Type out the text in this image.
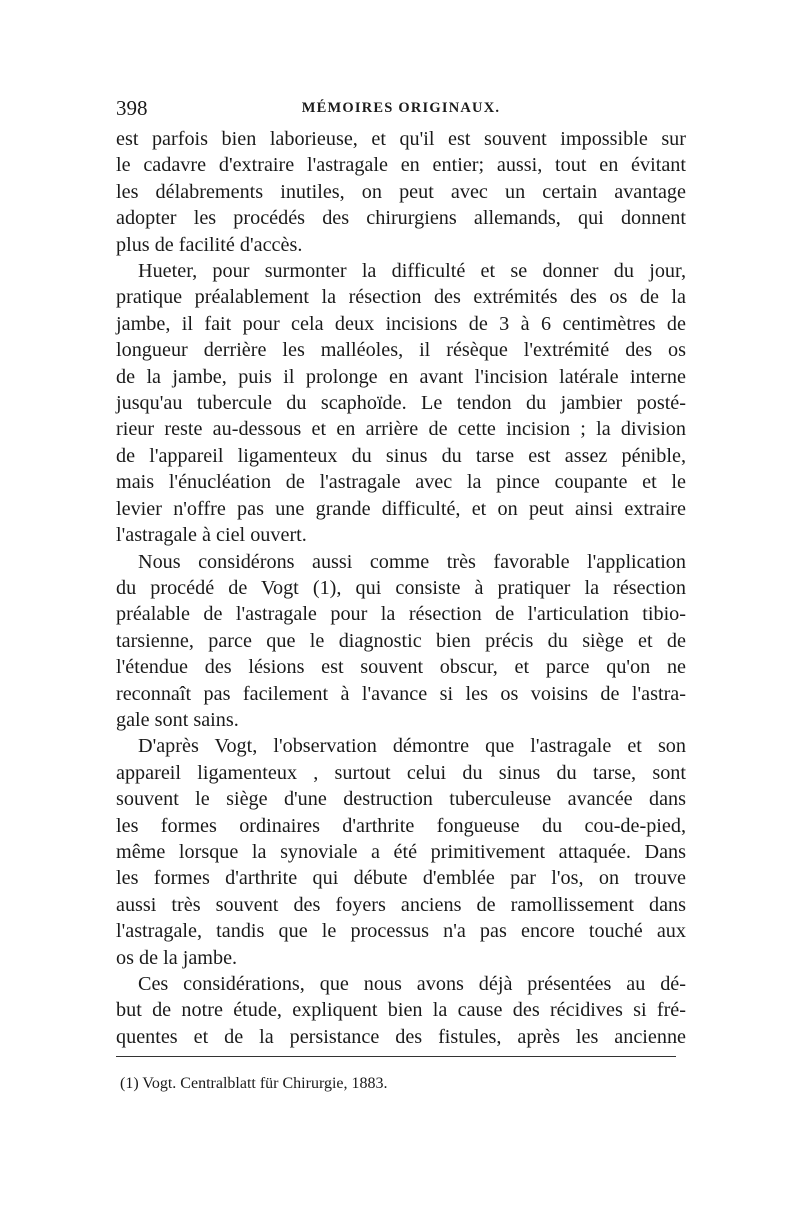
398	MÉMOIRES ORIGINAUX.

est parfois bien laborieuse, et qu'il est souvent impossible sur
le cadavre d'extraire l'astragale en entier; aussi, tout en évitant
les délabrements inutiles, on peut avec un certain avantage
adopter les procédés des chirurgiens allemands, qui donnent
plus de facilité d'accès.

Hueter, pour surmonter la difficulté et se donner du jour,
pratique préalablement la résection des extrémités des os de la
jambe, il fait pour cela deux incisions de 3 à 6 centimètres de
longueur derrière les malléoles, il résèque l'extrémité des os
de la jambe, puis il prolonge en avant l'incision latérale interne
jusqu'au tubercule du scaphoïde. Le tendon du jambier posté-
rieur reste au-dessous et en arrière de cette incision ; la division
de l'appareil ligamenteux du sinus du tarse est assez pénible,
mais l'énucléation de l'astragale avec la pince coupante et le
levier n'offre pas une grande difficulté, et on peut ainsi extraire
l'astragale à ciel ouvert.

Nous considérons aussi comme très favorable l'application
du procédé de Vogt (1), qui consiste à pratiquer la résection
préalable de l'astragale pour la résection de l'articulation tibio-
tarsienne, parce que le diagnostic bien précis du siège et de
l'étendue des lésions est souvent obscur, et parce qu'on ne
reconnaît pas facilement à l'avance si les os voisins de l'astra-
gale sont sains.

D'après Vogt, l'observation démontre que l'astragale et son
appareil ligamenteux , surtout celui du sinus du tarse, sont
souvent le siège d'une destruction tuberculeuse avancée dans
les formes ordinaires d'arthrite fongueuse du cou-de-pied,
même lorsque la synoviale a été primitivement attaquée. Dans
les formes d'arthrite qui débute d'emblée par l'os, on trouve
aussi très souvent des foyers anciens de ramollissement dans
l'astragale, tandis que le processus n'a pas encore touché aux
os de la jambe.

Ces considérations, que nous avons déjà présentées au dé-
but de notre étude, expliquent bien la cause des récidives si fré-
quentes et de la persistance des fistules, après les ancienne

(1) Vogt. Centralblatt für Chirurgie, 1883.
